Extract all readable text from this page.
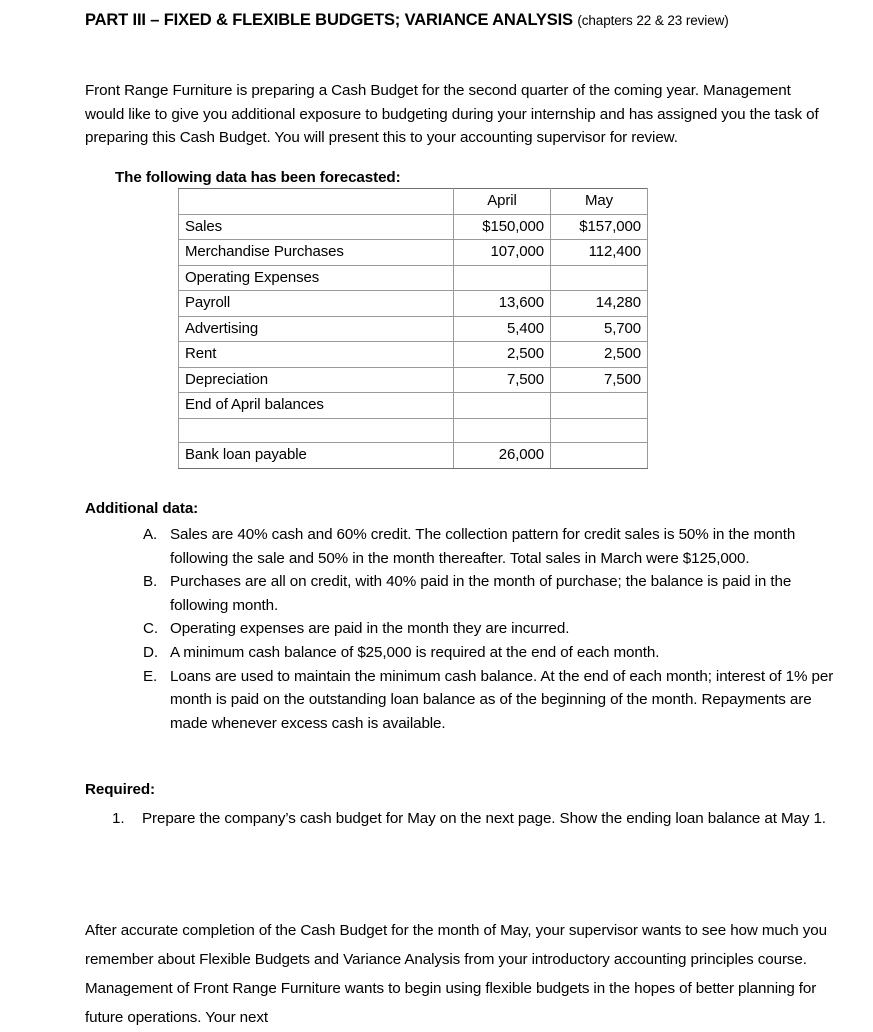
PART III – FIXED & FLEXIBLE BUDGETS; VARIANCE ANALYSIS (chapters 22 & 23 review)

Front Range Furniture is preparing a Cash Budget for the second quarter of the coming year. Management would like to give you additional exposure to budgeting during your internship and has assigned you the task of preparing this Cash Budget. You will present this to your accounting supervisor for review.

The following data has been forecasted:
	April	May
Sales	$150,000	$157,000
Merchandise Purchases	107,000	112,400
Operating Expenses		
Payroll	13,600	14,280
Advertising	5,400	5,700
Rent	2,500	2,500
Depreciation	7,500	7,500
End of April balances		

Bank loan payable	26,000	
Additional data:
A. Sales are 40% cash and 60% credit. The collection pattern for credit sales is 50% in the month following the sale and 50% in the month thereafter. Total sales in March were $125,000.
B. Purchases are all on credit, with 40% paid in the month of purchase; the balance is paid in the following month.
C. Operating expenses are paid in the month they are incurred.
D. A minimum cash balance of $25,000 is required at the end of each month.
E. Loans are used to maintain the minimum cash balance. At the end of each month; interest of 1% per month is paid on the outstanding loan balance as of the beginning of the month. Repayments are made whenever excess cash is available.
Required:
1.	Prepare the company’s cash budget for May on the next page. Show the ending loan balance at May 1.

After accurate completion of the Cash Budget for the month of May, your supervisor wants to see how much you remember about Flexible Budgets and Variance Analysis from your introductory accounting principles course. Management of Front Range Furniture wants to begin using flexible budgets in the hopes of better planning for future operations. Your next
